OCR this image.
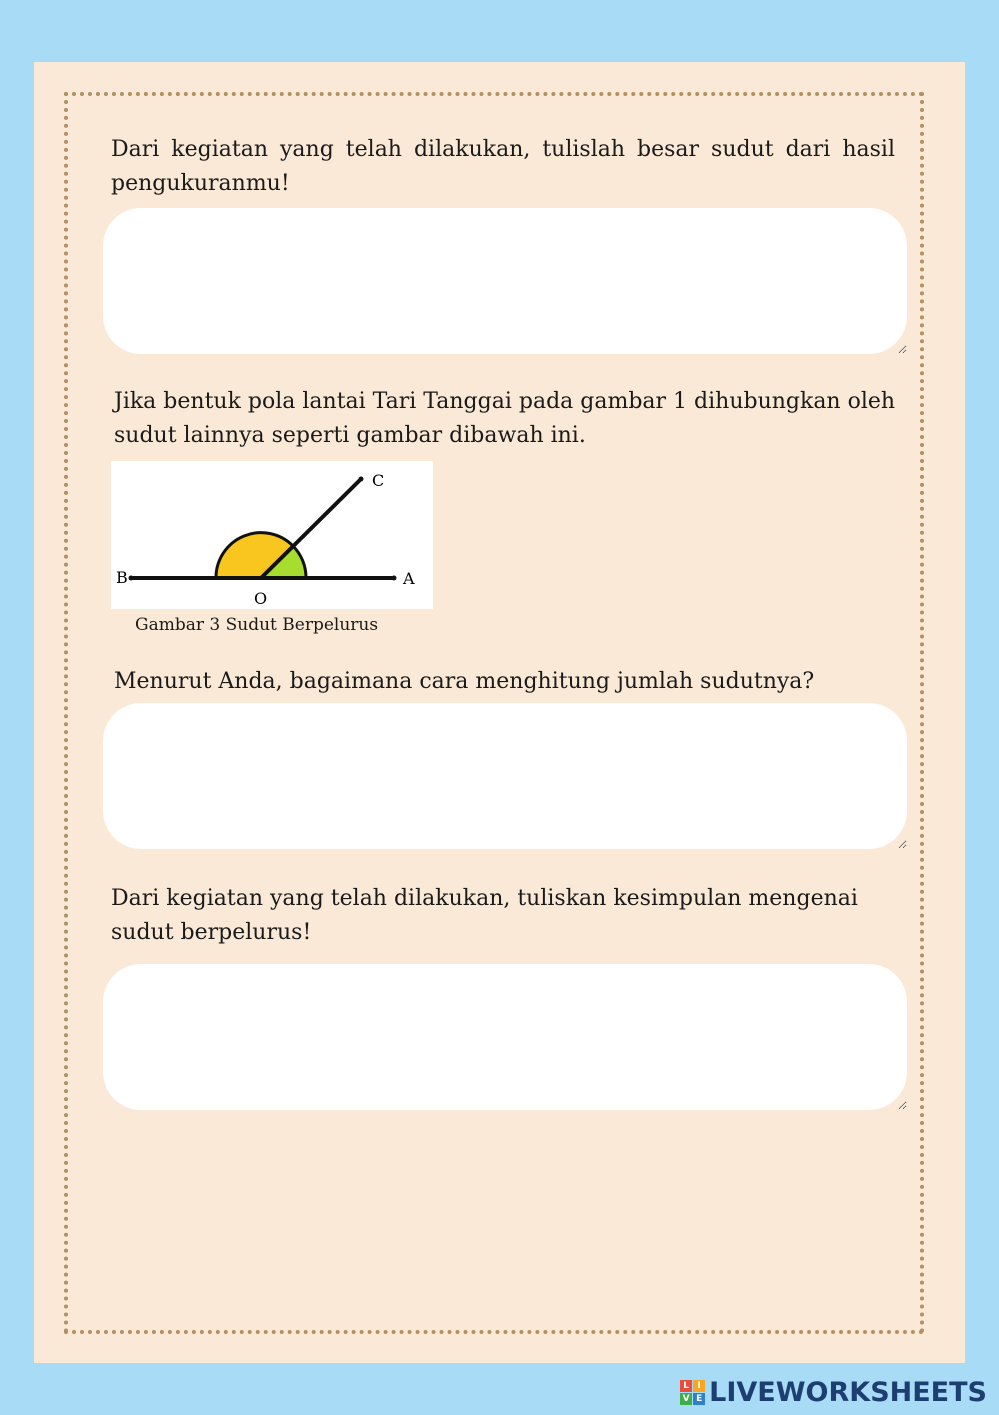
Dari kegiatan yang telah dilakukan, tulislah besar sudut dari hasil pengukuranmu!

Jika bentuk pola lantai Tari Tanggai pada gambar 1 dihubungkan oleh sudut lainnya seperti gambar dibawah ini.

C
B	A
O

Gambar 3 Sudut Berpelurus

Menurut Anda, bagaimana cara menghitung jumlah sudutnya?

Dari kegiatan yang telah dilakukan, tuliskan kesimpulan mengenai sudut berpelurus!

L I
V E LIVEWORKSHEETS
